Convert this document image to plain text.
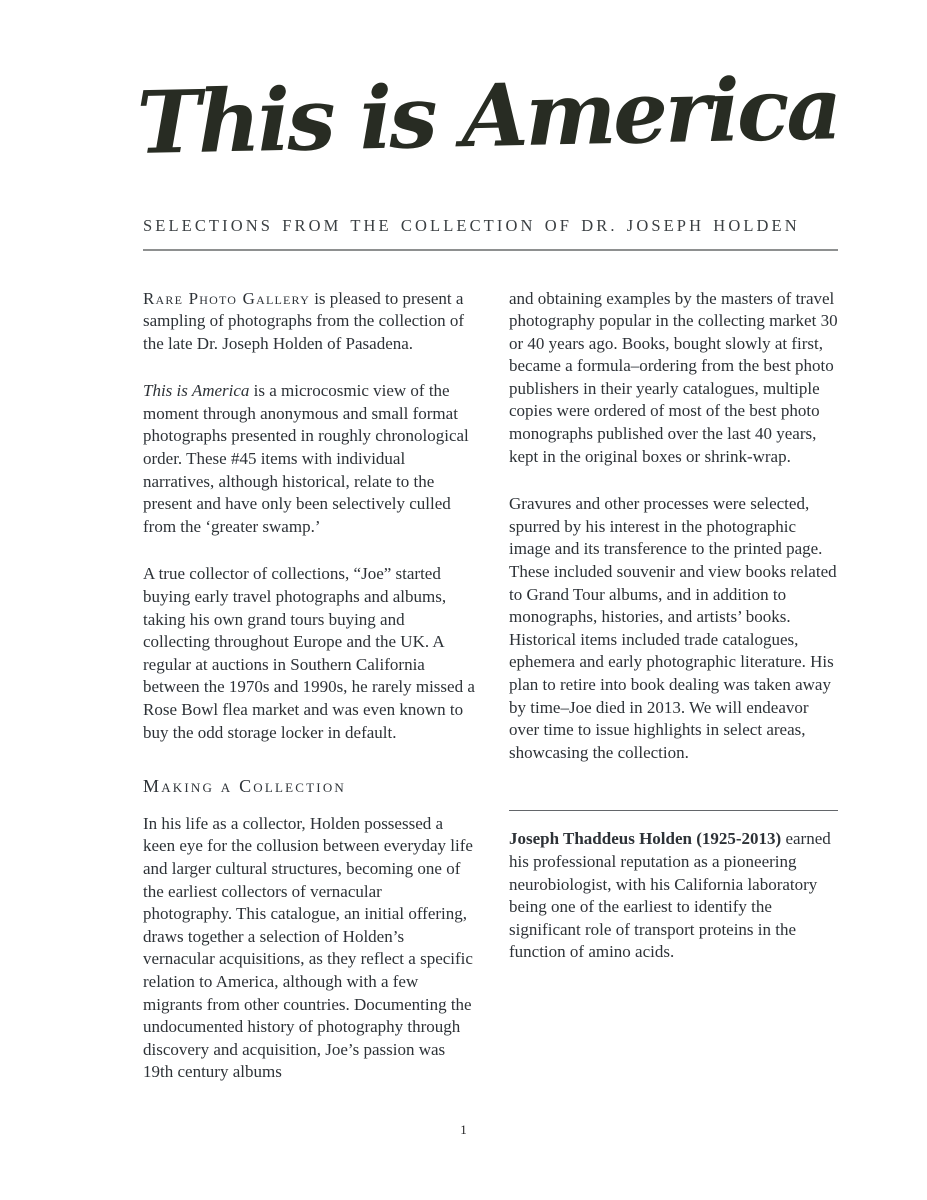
This is America
SELECTIONS FROM THE COLLECTION OF DR. JOSEPH HOLDEN

Rare Photo Gallery is pleased to present a sampling of photographs from the collection of the late Dr. Joseph Holden of Pasadena.

This is America is a microcosmic view of the moment through anonymous and small format photographs presented in roughly chronological order. These #45 items with individual narratives, although historical, relate to the present and have only been selectively culled from the ‘greater swamp.’

A true collector of collections, “Joe” started buying early travel photographs and albums, taking his own grand tours buying and collecting throughout Europe and the UK. A regular at auctions in Southern California between the 1970s and 1990s, he rarely missed a Rose Bowl flea market and was even known to buy the odd storage locker in default.

Making a Collection

In his life as a collector, Holden possessed a keen eye for the collusion between everyday life and larger cultural structures, becoming one of the earliest collectors of vernacular photography. This catalogue, an initial offering, draws together a selection of Holden’s vernacular acquisitions, as they reflect a specific relation to America, although with a few migrants from other countries. Documenting the undocumented history of photography through discovery and acquisition, Joe’s passion was 19th century albums

and obtaining examples by the masters of travel photography popular in the collecting market 30 or 40 years ago. Books, bought slowly at first, became a formula–ordering from the best photo publishers in their yearly catalogues, multiple copies were ordered of most of the best photo monographs published over the last 40 years, kept in the original boxes or shrink-wrap.

Gravures and other processes were selected, spurred by his interest in the photographic image and its transference to the printed page. These included souvenir and view books related to Grand Tour albums, and in addition to monographs, histories, and artists’ books. Historical items included trade catalogues, ephemera and early photographic literature. His plan to retire into book dealing was taken away by time–Joe died in 2013. We will endeavor over time to issue highlights in select areas, showcasing the collection.

Joseph Thaddeus Holden (1925-2013) earned his professional reputation as a pioneering neurobiologist, with his California laboratory being one of the earliest to identify the significant role of transport proteins in the function of amino acids.

1
